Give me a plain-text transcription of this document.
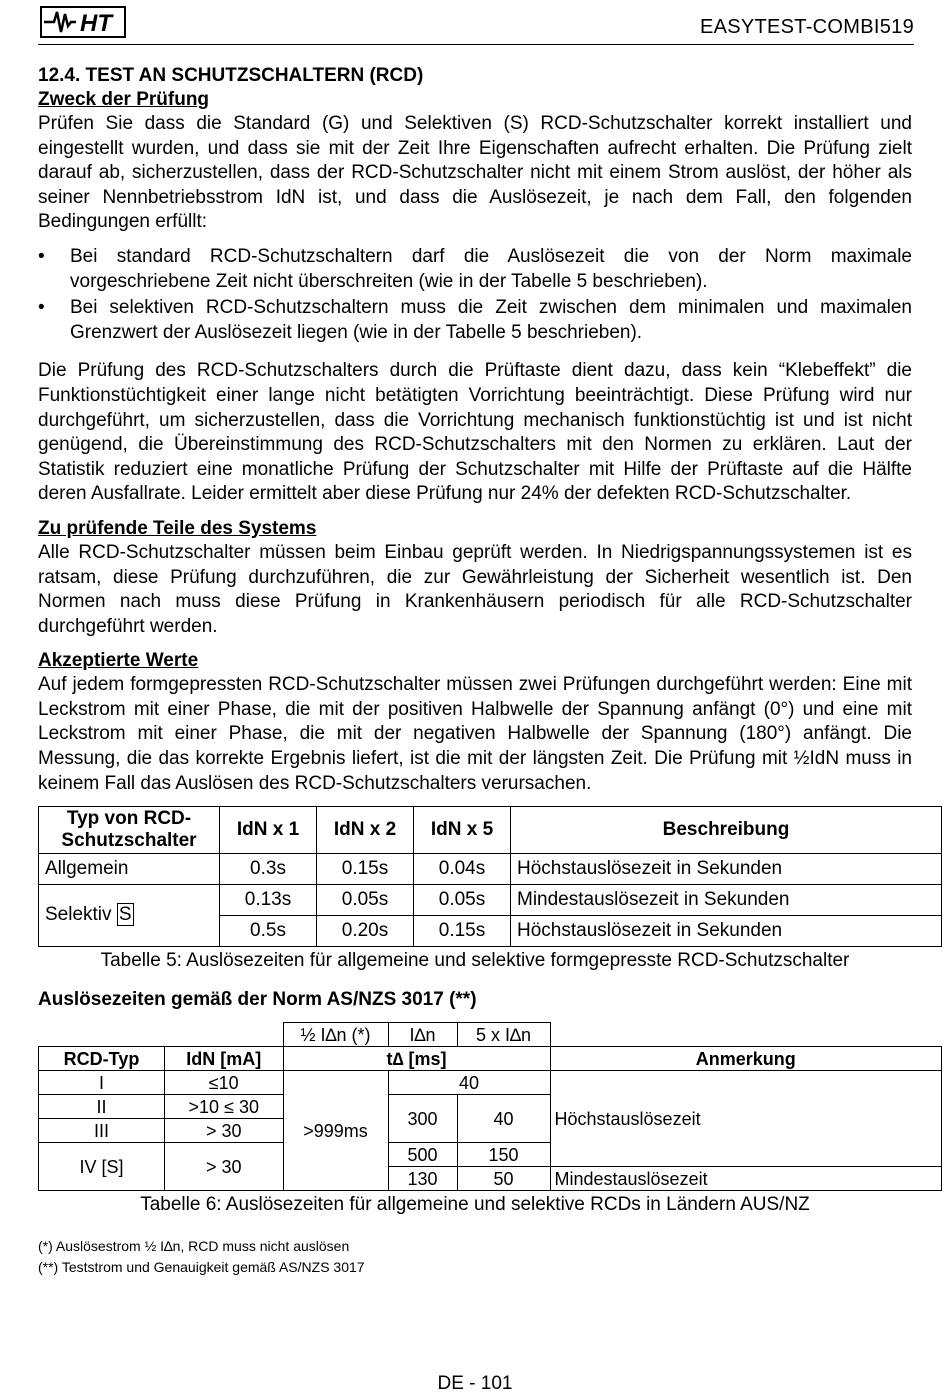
HT	EASYTEST-COMBI519
12.4. TEST AN SCHUTZSCHALTERN (RCD)
Zweck der Prüfung

Prüfen Sie dass die Standard (G) und Selektiven (S) RCD-Schutzschalter korrekt installiert und eingestellt wurden, und dass sie mit der Zeit Ihre Eigenschaften aufrecht erhalten. Die Prüfung zielt darauf ab, sicherzustellen, dass der RCD-Schutzschalter nicht mit einem Strom auslöst, der höher als seiner Nennbetriebsstrom IdN ist, und dass die Auslösezeit, je nach dem Fall, den folgenden Bedingungen erfüllt:

• Bei standard RCD-Schutzschaltern darf die Auslösezeit die von der Norm maximale vorgeschriebene Zeit nicht überschreiten (wie in der Tabelle 5 beschrieben).
• Bei selektiven RCD-Schutzschaltern muss die Zeit zwischen dem minimalen und maximalen Grenzwert der Auslösezeit liegen (wie in der Tabelle 5 beschrieben).

Die Prüfung des RCD-Schutzschalters durch die Prüftaste dient dazu, dass kein “Klebeffekt” die Funktionstüchtigkeit einer lange nicht betätigten Vorrichtung beeinträchtigt. Diese Prüfung wird nur durchgeführt, um sicherzustellen, dass die Vorrichtung mechanisch funktionstüchtig ist und ist nicht genügend, die Übereinstimmung des RCD-Schutzschalters mit den Normen zu erklären. Laut der Statistik reduziert eine monatliche Prüfung der Schutzschalter mit Hilfe der Prüftaste auf die Hälfte deren Ausfallrate. Leider ermittelt aber diese Prüfung nur 24% der defekten RCD-Schutzschalter.

Zu prüfende Teile des Systems

Alle RCD-Schutzschalter müssen beim Einbau geprüft werden. In Niedrigspannungssystemen ist es ratsam, diese Prüfung durchzuführen, die zur Gewährleistung der Sicherheit wesentlich ist. Den Normen nach muss diese Prüfung in Krankenhäusern periodisch für alle RCD-Schutzschalter durchgeführt werden.

Akzeptierte Werte

Auf jedem formgepressten RCD-Schutzschalter müssen zwei Prüfungen durchgeführt werden: Eine mit Leckstrom mit einer Phase, die mit der positiven Halbwelle der Spannung anfängt (0°) und eine mit Leckstrom mit einer Phase, die mit der negativen Halbwelle der Spannung (180°) anfängt. Die Messung, die das korrekte Ergebnis liefert, ist die mit der längsten Zeit. Die Prüfung mit ½IdN muss in keinem Fall das Auslösen des RCD-Schutzschalters verursachen.

Typ von RCD-Schutzschalter	IdN x 1	IdN x 2	IdN x 5	Beschreibung
Allgemein	0.3s	0.15s	0.04s	Höchstauslösezeit in Sekunden
Selektiv S	0.13s	0.05s	0.05s	Mindestauslösezeit in Sekunden
	0.5s	0.20s	0.15s	Höchstauslösezeit in Sekunden
Tabelle 5: Auslösezeiten für allgemeine und selektive formgepresste RCD-Schutzschalter
Auslösezeiten gemäß der Norm AS/NZS 3017 (**)
		½ I∆n (*)	I∆n	5 x I∆n	
RCD-Typ	IdN [mA]	t∆ [ms]			Anmerkung
I	≤10	>999ms	40		Höchstauslösezeit
II	>10 ≤ 30		300	40	
III	> 30				
IV [S]	> 30		500	150	
			130	50	Mindestauslösezeit
Tabelle 6: Auslösezeiten für allgemeine und selektive RCDs in Ländern AUS/NZ
(*) Auslösestrom ½ I∆n, RCD muss nicht auslösen
(**) Teststrom und Genauigkeit gemäß AS/NZS 3017
DE - 101
